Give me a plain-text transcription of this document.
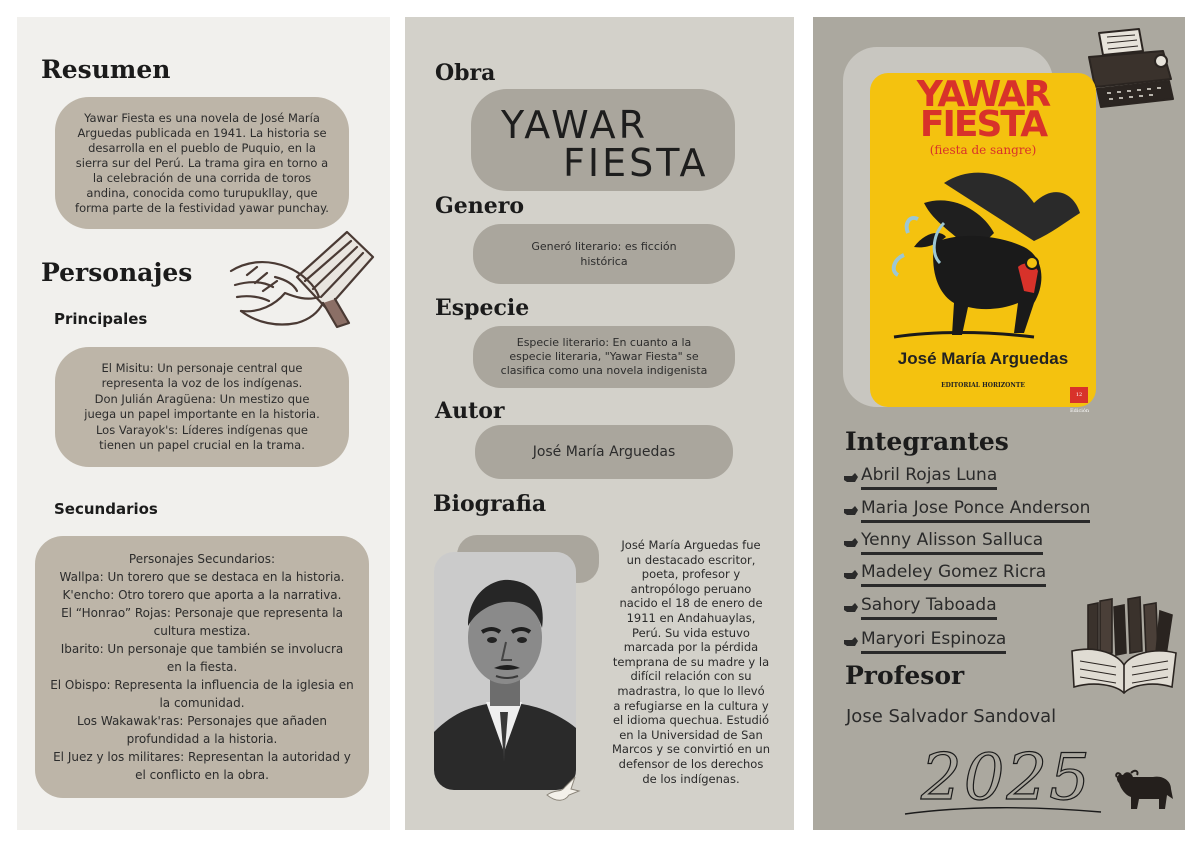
Resumen
Yawar Fiesta es una novela de José María
Arguedas publicada en 1941. La historia se
desarrolla en el pueblo de Puquio, en la
sierra sur del Perú. La trama gira en torno a
la celebración de una corrida de toros
andina, conocida como turupukllay, que
forma parte de la festividad yawar punchay.
Personajes

Principales

El Misitu: Un personaje central que
representa la voz de los indígenas.
Don Julián Aragüena: Un mestizo que
juega un papel importante en la historia.
Los Varayok's: Líderes indígenas que
tienen un papel crucial en la trama.

Secundarios

Personajes Secundarios:
Wallpa: Un torero que se destaca en la historia.
K'encho: Otro torero que aporta a la narrativa.
El “Honrao” Rojas: Personaje que representa la
cultura mestiza.
Ibarito: Un personaje que también se involucra
en la fiesta.
El Obispo: Representa la influencia de la iglesia en
la comunidad.
Los Wakawak'ras: Personajes que añaden
profundidad a la historia.
El Juez y los militares: Representan la autoridad y
el conflicto en la obra.
Obra
YAWAR
FIESTA
Genero
Generó literario: es ficción
histórica
Especie
Especie literario: En cuanto a la
especie literaria, "Yawar Fiesta" se
clasifica como una novela indigenista
Autor
José María Arguedas
Biografia
José María Arguedas fue
un destacado escritor,
poeta, profesor y
antropólogo peruano
nacido el 18 de enero de
1911 en Andahuaylas,
Perú. Su vida estuvo
marcada por la pérdida
temprana de su madre y la
difícil relación con su
madrastra, lo que lo llevó
a refugiarse en la cultura y
el idioma quechua. Estudió
en la Universidad de San
Marcos y se convirtió en un
defensor de los derechos
de los indígenas.
YAWAR
FIESTA
(fiesta de sangre)
José María Arguedas
EDITORIAL HORIZONTE
12 Edición
Integrantes
Abril Rojas Luna
Maria Jose Ponce Anderson
Yenny Alisson Salluca
Madeley Gomez Ricra
Sahory Taboada
Maryori Espinoza
Profesor
Jose Salvador Sandoval
2025
